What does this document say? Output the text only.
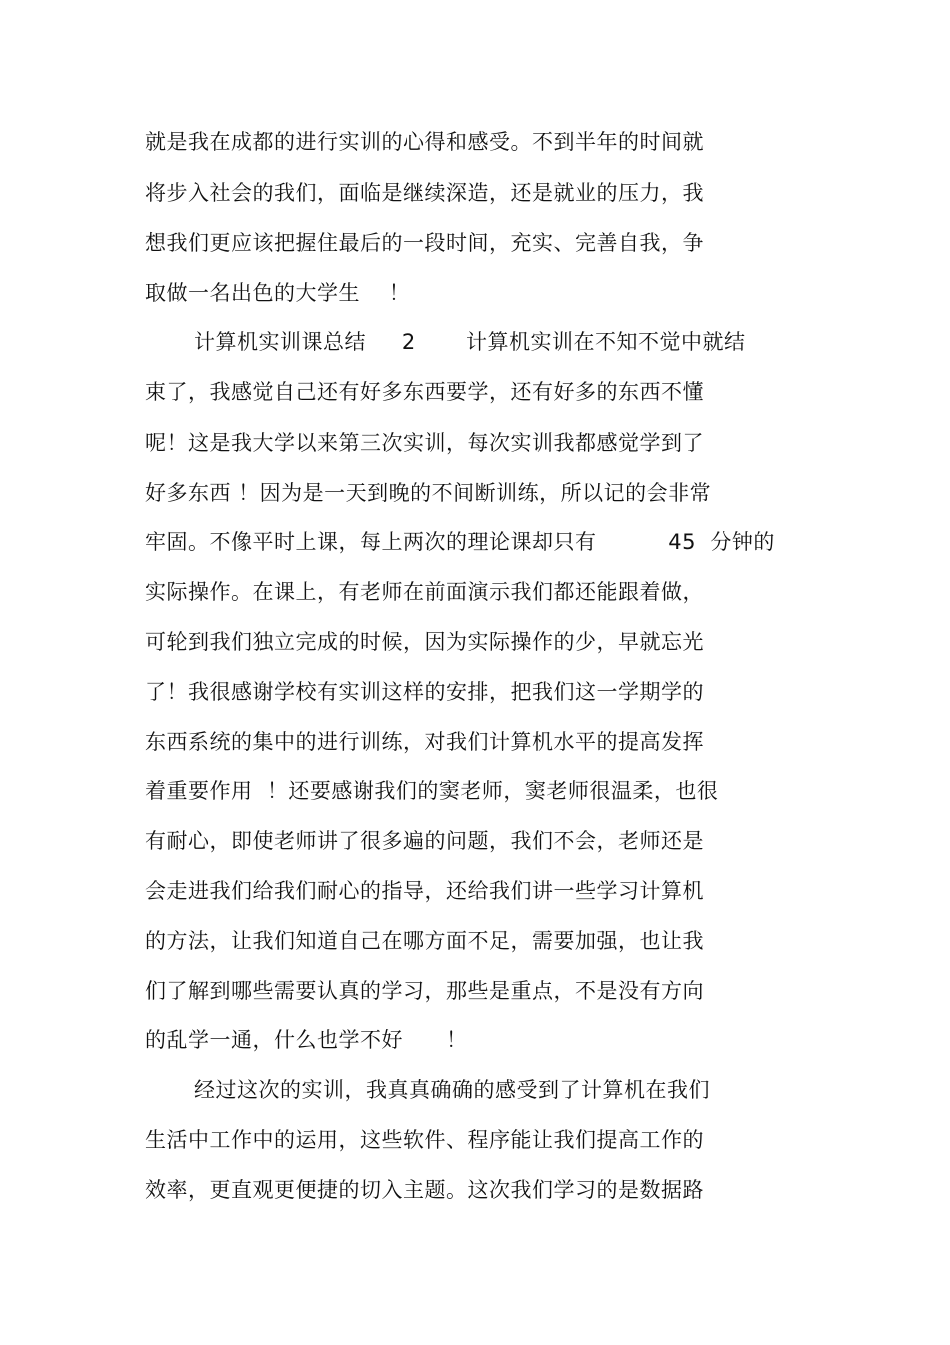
就是我在成都的进行实训的心得和感受。不到半年的时间就

将步入社会的我们，面临是继续深造，还是就业的压力，我

想我们更应该把握住最后的一段时间，充实、完善自我，争

取做一名出色的大学生    ！

计算机实训课总结     2       计算机实训在不知不觉中就结

束了，我感觉自己还有好多东西要学，还有好多的东西不懂

呢！这是我大学以来第三次实训，每次实训我都感觉学到了

好多东西 ！因为是一天到晚的不间断训练，所以记的会非常

牢固。不像平时上课，每上两次的理论课却只有          45  分钟的

实际操作。在课上，有老师在前面演示我们都还能跟着做，

可轮到我们独立完成的时候，因为实际操作的少，早就忘光

了！我很感谢学校有实训这样的安排，把我们这一学期学的

东西系统的集中的进行训练，对我们计算机水平的提高发挥

着重要作用  ！还要感谢我们的窦老师，窦老师很温柔，也很

有耐心，即使老师讲了很多遍的问题，我们不会，老师还是

会走进我们给我们耐心的指导，还给我们讲一些学习计算机

的方法，让我们知道自己在哪方面不足，需要加强，也让我

们了解到哪些需要认真的学习，那些是重点，不是没有方向

的乱学一通，什么也学不好      ！

经过这次的实训，我真真确确的感受到了计算机在我们

生活中工作中的运用，这些软件、程序能让我们提高工作的

效率，更直观更便捷的切入主题。这次我们学习的是数据路
